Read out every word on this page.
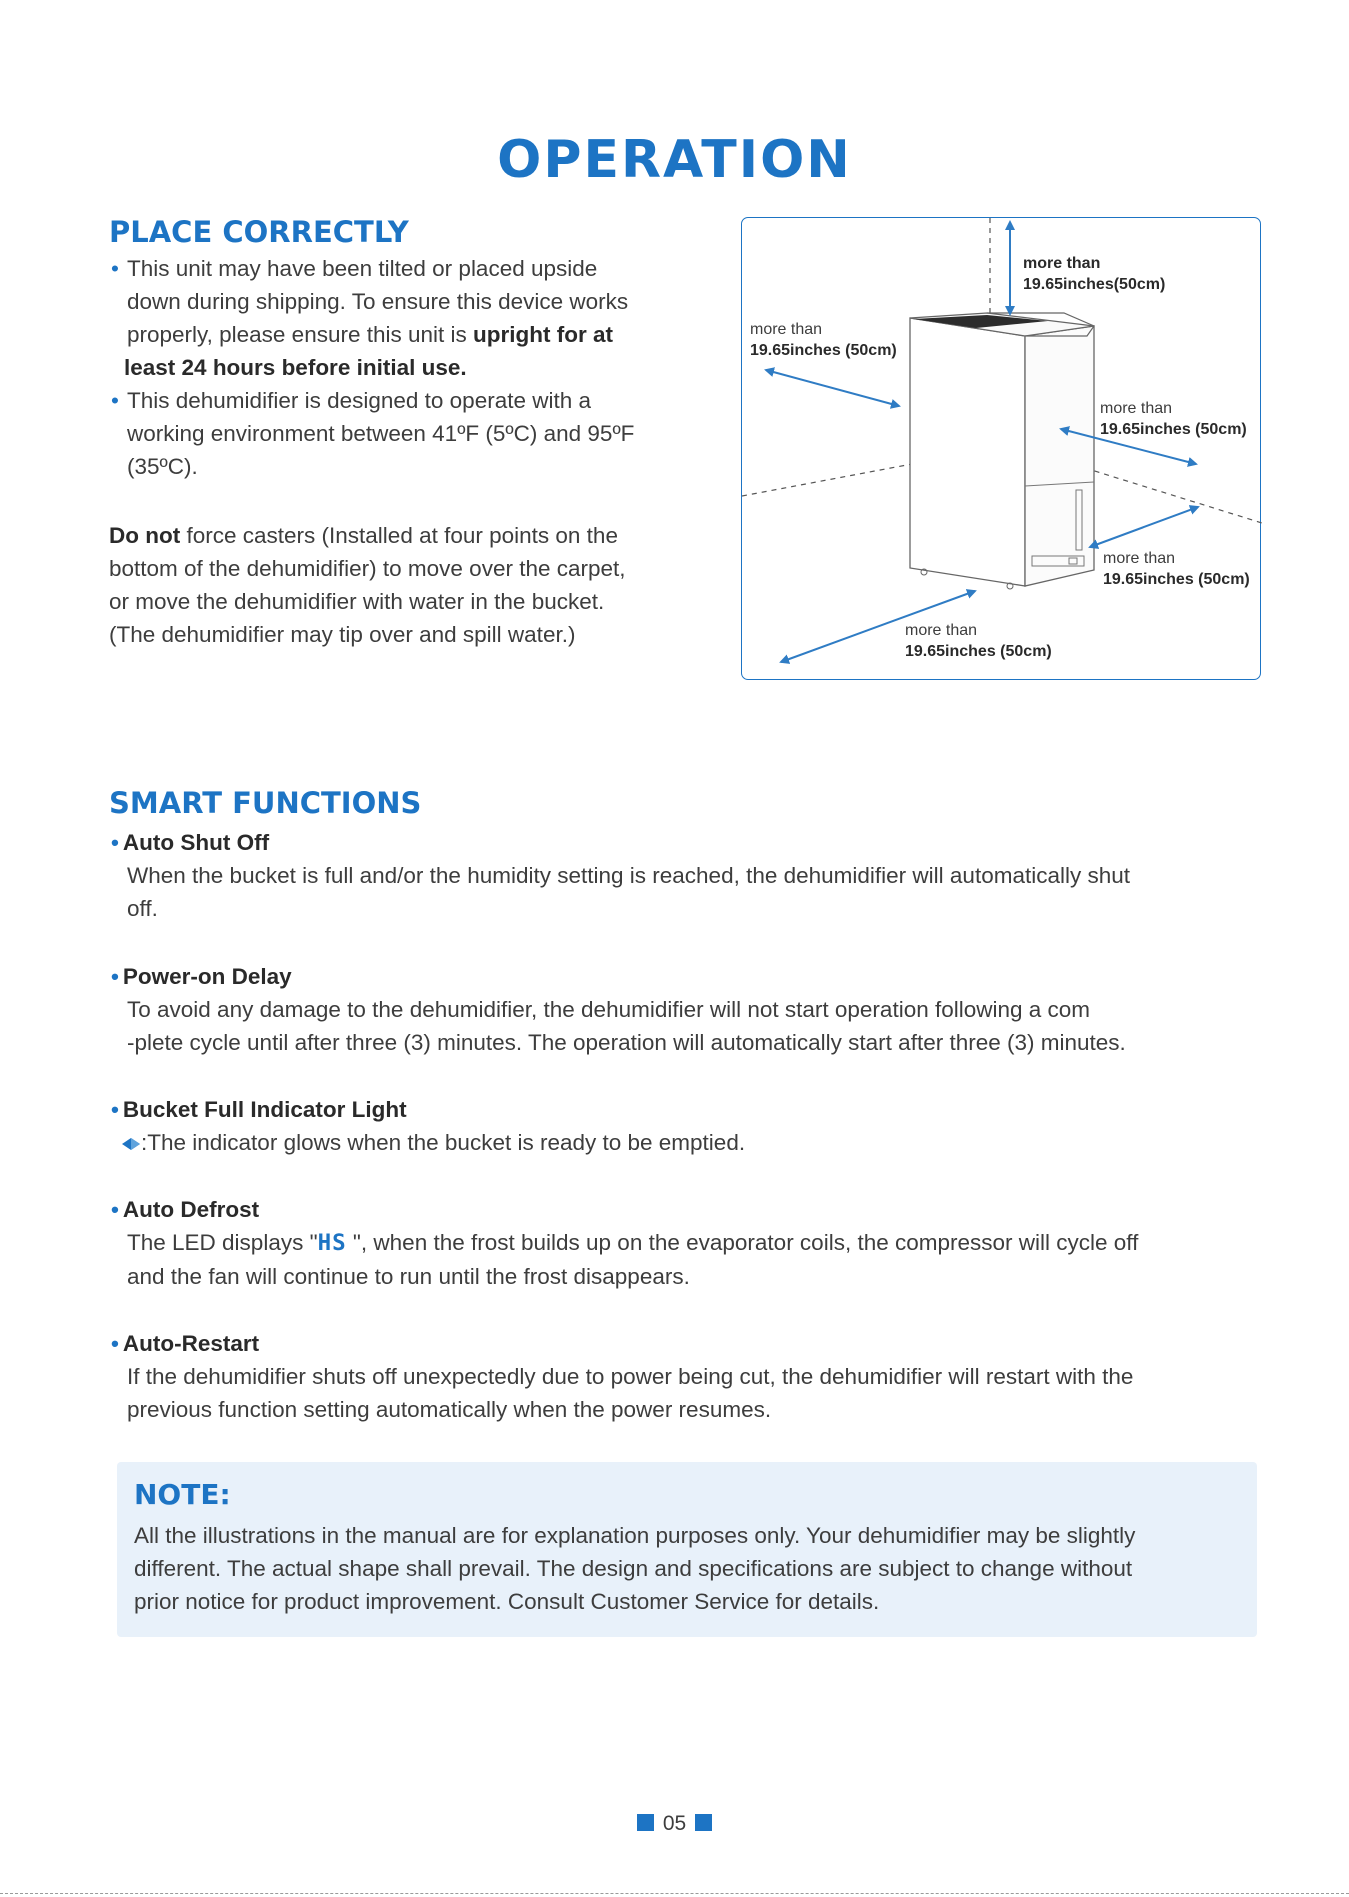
OPERATION
PLACE CORRECTLY
• This unit may have been tilted or placed upside
down during shipping. To ensure this device works
properly, please ensure this unit is upright for at
least 24 hours before initial use.
• This dehumidifier is designed to operate with a
working environment between 41ºF (5ºC) and 95ºF
(35ºC).
Do not force casters (Installed at four points on the
bottom of the dehumidifier) to move over the carpet,
or move the dehumidifier with water in the bucket.
(The dehumidifier may tip over and spill water.)
more than
19.65inches(50cm)
more than
19.65inches (50cm)
more than
19.65inches (50cm)
more than
19.65inches (50cm)
more than
19.65inches (50cm)
SMART FUNCTIONS
• Auto Shut Off
When the bucket is full and/or the humidity setting is reached, the dehumidifier will automatically shut
off.
• Power-on Delay
To avoid any damage to the dehumidifier, the dehumidifier will not start operation following a com
-plete cycle until after three (3) minutes. The operation will automatically start after three (3) minutes.
• Bucket Full Indicator Light
:The indicator glows when the bucket is ready to be emptied.
• Auto Defrost
The LED displays "HS ", when the frost builds up on the evaporator coils, the compressor will cycle off
and the fan will continue to run until the frost disappears.
• Auto-Restart
If the dehumidifier shuts off unexpectedly due to power being cut, the dehumidifier will restart with the
previous function setting automatically when the power resumes.
NOTE:
All the illustrations in the manual are for explanation purposes only. Your dehumidifier may be slightly
different. The actual shape shall prevail. The design and specifications are subject to change without
prior notice for product improvement. Consult Customer Service for details.
05
